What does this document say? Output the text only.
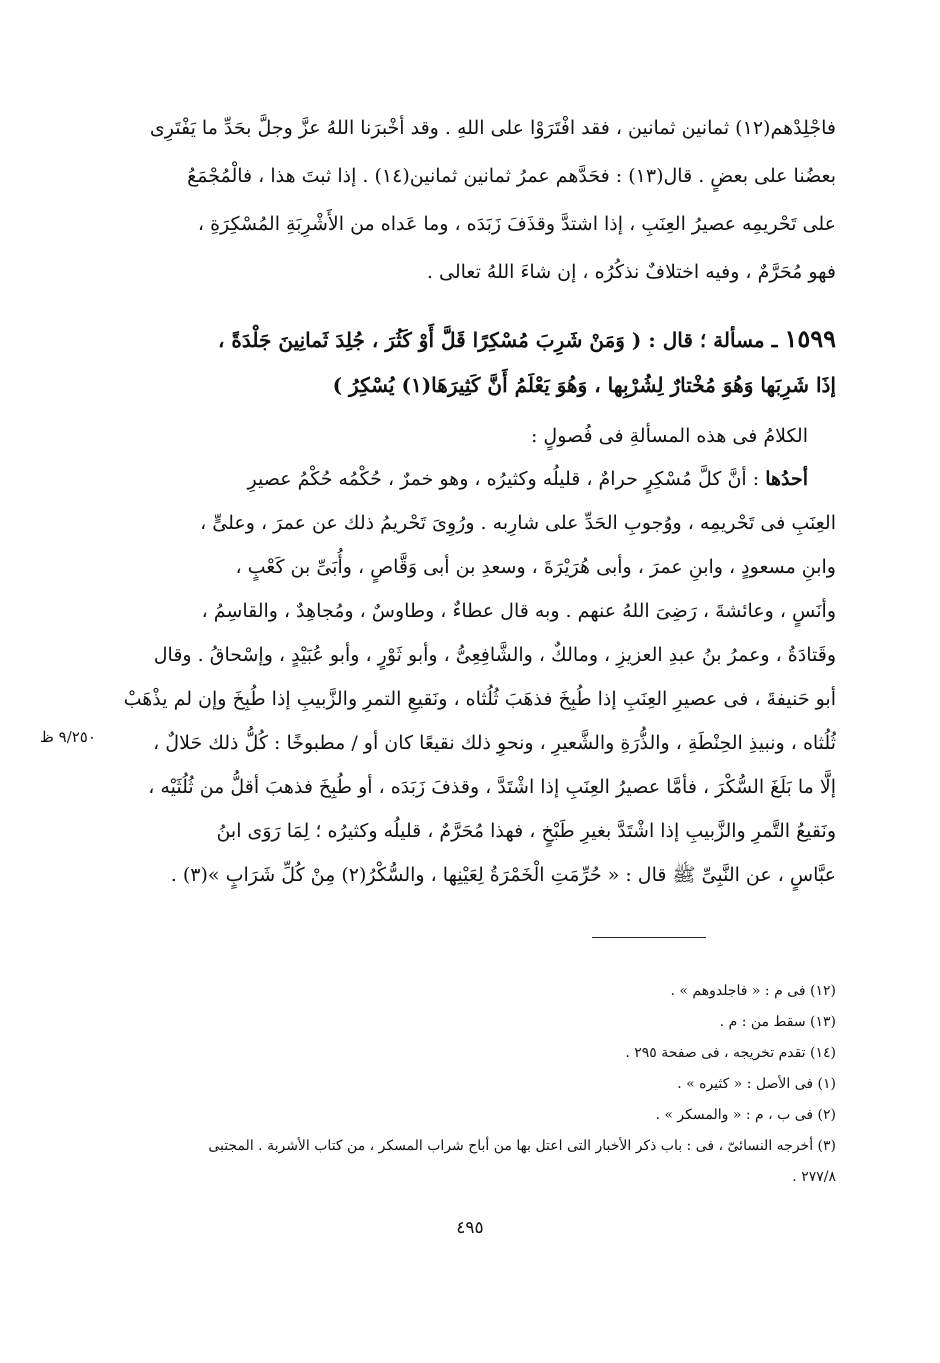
فاجْلِدْهم(١٢) ثمانين ثمانين ، فقد افْتَرَوْا على اللهِ . وقد أخْبرَنا اللهُ عزَّ وجلَّ بحَدِّ ما يَفْتَرِى
بعضُنا على بعضٍ . قال(١٣) : فحَدَّهم عمرُ ثمانين ثمانين(١٤) . إذا ثبتَ هذا ، فالْمُجْمَعُ
على تَحْريمِه عصيرُ العِنَبِ ، إذا اشتدَّ وقذَفَ زَبَدَه ، وما عَداه من الأَشْرِبَةِ المُسْكِرَةِ ،
فهو مُحَرَّمٌ ، وفيه اختلافٌ نذكُرُه ، إن شاءَ اللهُ تعالى .
١٥٩٩ ـ مسألة ؛ قال : ( وَمَنْ شَرِبَ مُسْكِرًا قَلَّ أَوْ كَثُرَ ، جُلِدَ ثَمانِينَ جَلْدَةً ،
إذَا شَرِبَها وَهُوَ مُخْتارٌ لِشُرْبِها ، وَهُوَ يَعْلَمُ أَنَّ كَثِيرَهَا(١) يُسْكِرُ )
الكلامُ فى هذه المسألةِ فى فُصولٍ :
أحدُها : أنَّ كلَّ مُسْكِرٍ حرامٌ ، قليلُه وكثيرُه ، وهو خمرٌ ، حُكْمُه حُكْمُ عصيرِ
العِنَبِ فى تَحْريمِه ، ووُجوبِ الحَدِّ على شارِبه . ورُوِىَ تَحْريمُ ذلك عن عمرَ ، وعلىٍّ ،
وابنِ مسعودٍ ، وابنِ عمرَ ، وأبى هُرَيْرَةَ ، وسعدِ بن أبى وَقَّاصٍ ، وأُبَىِّ بن كَعْبٍ ،
وأنَسٍ ، وعائشةَ ، رَضِىَ اللهُ عنهم . وبه قال عطاءٌ ، وطاوسٌ ، ومُجاهِدٌ ، والقاسِمُ ،
وقَتادَةُ ، وعمرُ بنُ عبدِ العزيزِ ، ومالكٌ ، والشَّافِعِىُّ ، وأبو ثَوْرٍ ، وأبو عُبَيْدٍ ، وإسْحاقُ . وقال
أبو حَنيفةَ ، فى عصيرِ العِنَبِ إذا طُبِخَ فذهَبَ ثُلُثاه ، ونَقيعِ التمرِ والزَّبيبِ إذا طُبِخَ وإن لم يذْهَبْ
ثُلُثاه ، ونبيذِ الحِنْطَةِ ، والذُّرَةِ والشَّعيرِ ، ونحوِ ذلك نقيعًا كان أو / مطبوخًا : كُلُّ ذلك حَلالٌ ،
إلَّا ما بَلَغَ السُّكْرَ ، فأمَّا عصيرُ العِنَبِ إذا اشْتَدَّ ، وقذفَ زَبَدَه ، أو طُبِخَ فذهبَ أقلُّ من ثُلُثَيْه ،
ونَقيعُ التَّمرِ والزَّبيبِ إذا اشْتَدَّ بغيرِ طَبْخٍ ، فهذا مُحَرَّمٌ ، قليلُه وكثيرُه ؛ لِمَا رَوَى ابنُ
عبَّاسٍ ، عن النَّبِىِّ ﷺ قال : « حُرِّمَتِ الْخَمْرَةُ لِعَيْنِها ، والسُّكْرُ(٢) مِنْ كُلِّ شَرَابٍ »(٣) .
٩/٢٥٠ ظ
(١٢) فى م : « فاجلدوهم » .
(١٣) سقط من : م .
(١٤) تقدم تخريجه ، فى صفحة ٢٩٥ .
(١) فى الأصل : « كثيره » .
(٢) فى ب ، م : « والمسكر » .
(٣) أخرجه النسائىّ ، فى : باب ذكر الأخبار التى اعتل بها من أباح شراب المسكر ، من كتاب الأشربة . المجتبى
٢٧٧/٨ .
٤٩٥
